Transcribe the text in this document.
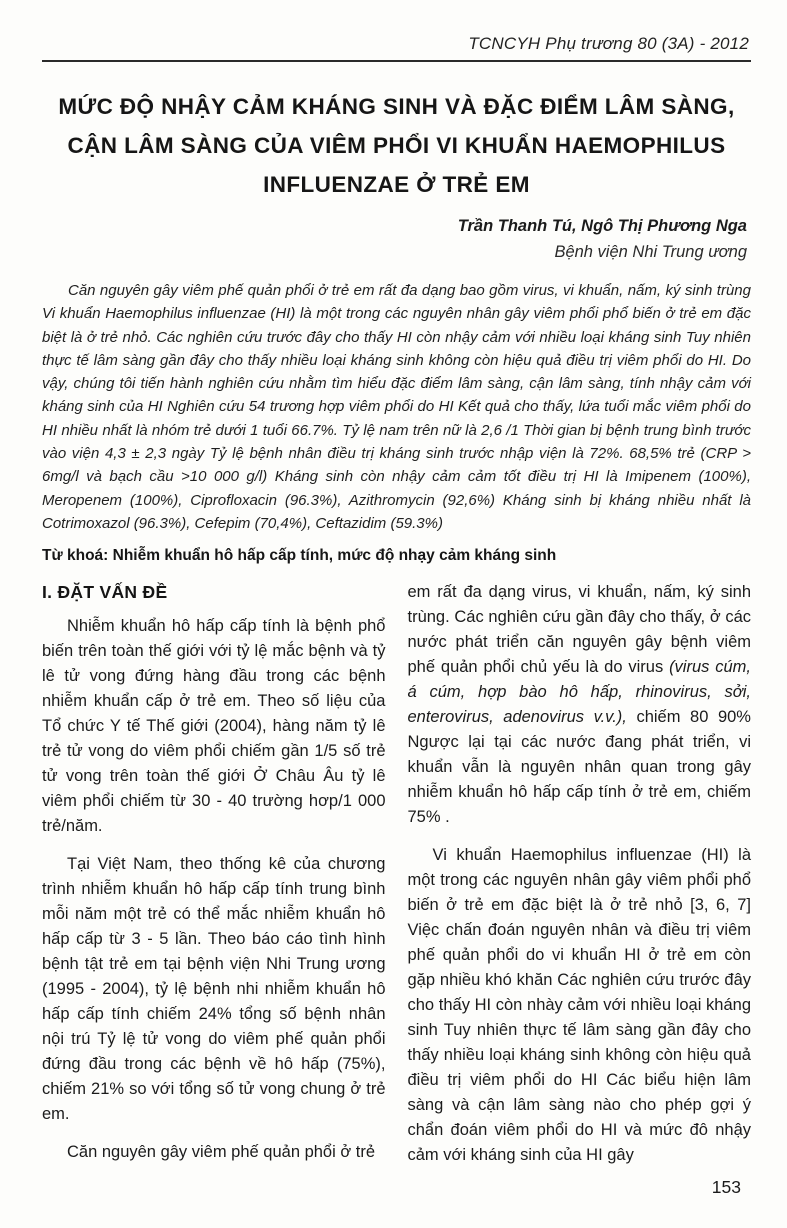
TCNCYH Phụ trương 80 (3A) - 2012
MỨC ĐỘ NHẬY CẢM KHÁNG SINH VÀ ĐẶC ĐIỂM LÂM SÀNG,
CẬN LÂM SÀNG CỦA VIÊM PHỔI VI KHUẨN HAEMOPHILUS
INFLUENZAE Ở TRẺ EM
Trần Thanh Tú, Ngô Thị Phương Nga
Bệnh viện Nhi Trung ương

Căn nguyên gây viêm phế quản phổi ở trẻ em rất đa dạng bao gồm virus, vi khuẩn, nấm, ký sinh trùng Vi khuẩn Haemophilus influenzae (HI) là một trong các nguyên nhân gây viêm phổi phổ biến ở trẻ em đặc biệt là ở trẻ nhỏ. Các nghiên cứu trước đây cho thấy HI còn nhậy cảm với nhiều loại kháng sinh Tuy nhiên thực tế lâm sàng gần đây cho thấy nhiều loại kháng sinh không còn hiệu quả điều trị viêm phổi do HI. Do vậy, chúng tôi tiến hành nghiên cứu nhằm tìm hiểu đặc điểm lâm sàng, cận lâm sàng, tính nhậy cảm với kháng sinh của HI Nghiên cứu 54 trương hợp viêm phổi do HI Kết quả cho thấy, lứa tuổi mắc viêm phổi do HI nhiều nhất là nhóm trẻ dưới 1 tuổi 66.7%. Tỷ lệ nam trên nữ là 2,6 /1 Thời gian bị bệnh trung bình trước vào viện 4,3 ± 2,3 ngày Tỷ lệ bệnh nhân điều trị kháng sinh trước nhập viện là 72%. 68,5% trẻ (CRP > 6mg/l và bạch cầu >10 000 g/l) Kháng sinh còn nhậy cảm cảm tốt điều trị HI là Imipenem (100%), Meropenem (100%), Ciprofloxacin (96.3%), Azithromycin (92,6%) Kháng sinh bị kháng nhiều nhất là Cotrimoxazol (96.3%), Cefepim (70,4%), Ceftazidim (59.3%)

Từ khoá: Nhiễm khuẩn hô hấp cấp tính, mức độ nhạy cảm kháng sinh

I. ĐẶT VẤN ĐỀ

Nhiễm khuẩn hô hấp cấp tính là bệnh phổ biến trên toàn thế giới với tỷ lệ mắc bệnh và tỷ lê tử vong đứng hàng đầu trong các bệnh nhiễm khuẩn cấp ở trẻ em. Theo số liệu của Tổ chức Y tế Thế giới (2004), hàng năm tỷ lê trẻ tử vong do viêm phổi chiếm gần 1/5 số trẻ tử vong trên toàn thế giới Ở Châu Âu tỷ lê viêm phổi chiếm từ 30 - 40 trường hơp/1 000 trẻ/năm.

Tại Việt Nam, theo thống kê của chương trình nhiễm khuẩn hô hấp cấp tính trung bình mỗi năm một trẻ có thể mắc nhiễm khuẩn hô hấp cấp từ 3 - 5 lần. Theo báo cáo tình hình bệnh tật trẻ em tại bệnh viện Nhi Trung ương (1995 - 2004), tỷ lệ bệnh nhi nhiễm khuẩn hô hấp cấp tính chiếm 24% tổng số bệnh nhân nội trú Tỷ lệ tử vong do viêm phế quản phổi đứng đầu trong các bệnh về hô hấp (75%), chiếm 21% so với tổng số tử vong chung ở trẻ em.

Căn nguyên gây viêm phế quản phổi ở trẻ

em rất đa dạng virus, vi khuẩn, nấm, ký sinh trùng. Các nghiên cứu gần đây cho thấy, ở các nước phát triển căn nguyên gây bệnh viêm phế quản phổi chủ yếu là do virus (virus cúm, á cúm, hợp bào hô hấp, rhinovirus, sởi, enterovirus, adenovirus v.v.), chiếm 80 90% Ngược lại tại các nước đang phát triển, vi khuẩn vẫn là nguyên nhân quan trong gây nhiễm khuẩn hô hấp cấp tính ở trẻ em, chiếm 75% .

Vi khuẩn Haemophilus influenzae (HI) là một trong các nguyên nhân gây viêm phổi phổ biến ở trẻ em đặc biệt là ở trẻ nhỏ [3, 6, 7] Việc chấn đoán nguyên nhân và điều trị viêm phế quản phổi do vi khuẩn HI ở trẻ em còn gặp nhiều khó khăn Các nghiên cứu trước đây cho thấy HI còn nhày cảm với nhiều loại kháng sinh Tuy nhiên thực tế lâm sàng gần đây cho thấy nhiều loại kháng sinh không còn hiệu quả điều trị viêm phổi do HI Các biểu hiện lâm sàng và cận lâm sàng nào cho phép gợi ý chẩn đoán viêm phổi do HI và mức đô nhậy cảm với kháng sinh của HI gây

153
